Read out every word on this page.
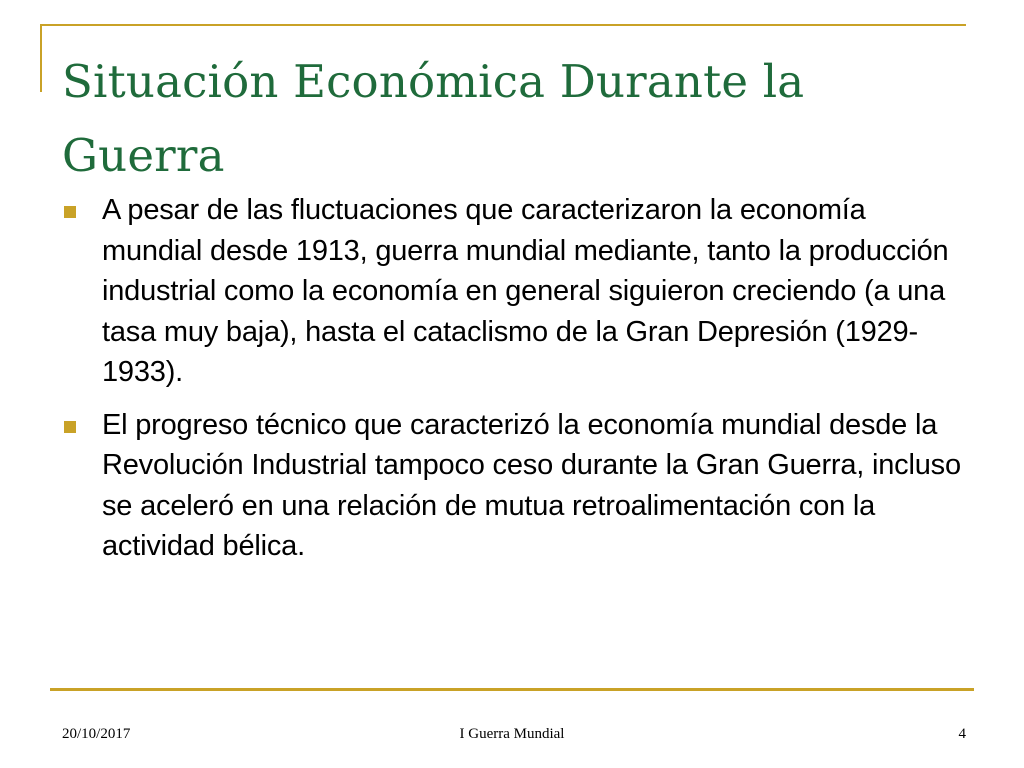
Situación Económica Durante la Guerra
A pesar de las fluctuaciones que caracterizaron la economía mundial desde 1913, guerra mundial mediante, tanto la producción industrial como la economía en general siguieron creciendo (a una tasa muy baja), hasta el cataclismo de la Gran Depresión (1929-1933).
El progreso técnico que caracterizó la economía mundial desde la Revolución Industrial tampoco ceso durante la Gran Guerra, incluso se aceleró en una relación de mutua retroalimentación con la actividad bélica.
20/10/2017	I Guerra Mundial	4
